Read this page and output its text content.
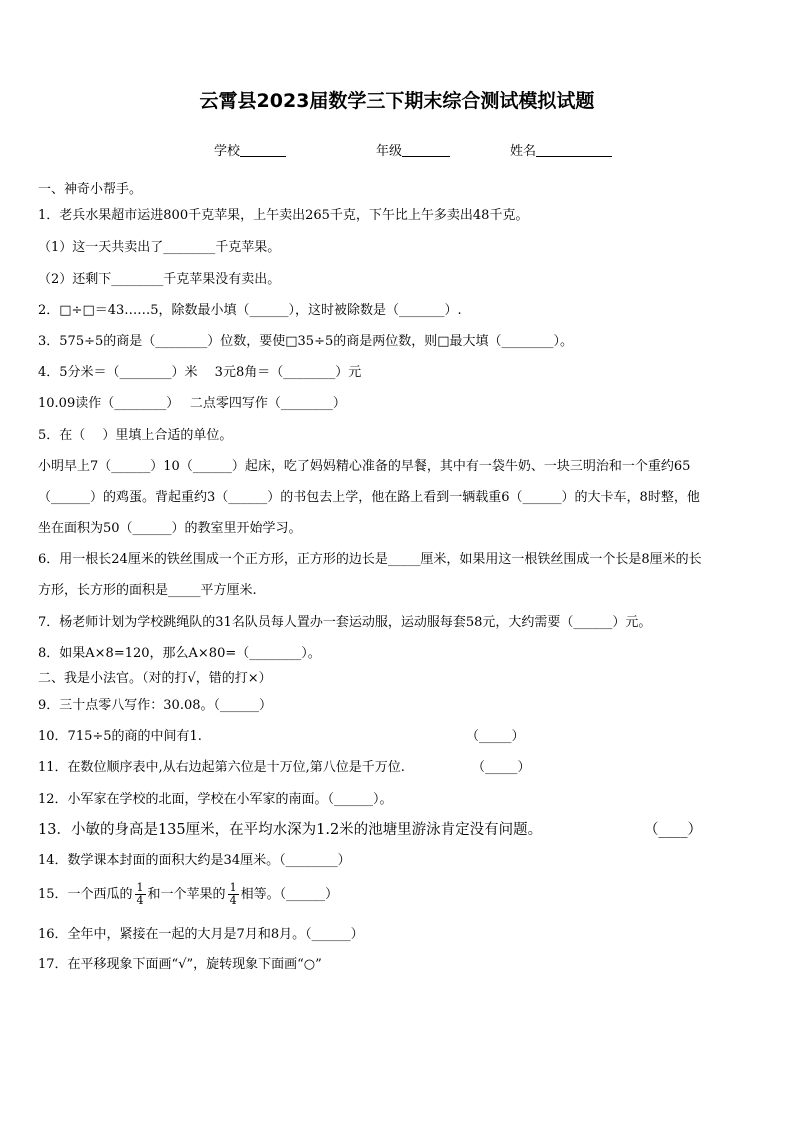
云霄县2023届数学三下期末综合测试模拟试题
学校	年级	姓名
一、神奇小帮手。
1．老兵水果超市运进800千克苹果，上午卖出265千克，下午比上午多卖出48千克。
（1）这一天共卖出了________千克苹果。
（2）还剩下________千克苹果没有卖出。
2．□÷□＝43……5，除数最小填（______），这时被除数是（_______）.
3．575÷5的商是（________）位数，要使□35÷5的商是两位数，则□最大填（________）。
4．5分米＝（________）米　 3元8角＝（________）元
10.09读作（________）　 二点零四写作（________）
5．在（　 ）里填上合适的单位。
小明早上7（______）10（______）起床，吃了妈妈精心准备的早餐，其中有一袋牛奶、一块三明治和一个重约65
（______）的鸡蛋。背起重约3（______）的书包去上学，他在路上看到一辆载重6（______）的大卡车，8时整，他
坐在面积为50（______）的教室里开始学习。
6．用一根长24厘米的铁丝围成一个正方形，正方形的边长是_____厘米，如果用这一根铁丝围成一个长是8厘米的长
方形，长方形的面积是_____平方厘米.
7．杨老师计划为学校跳绳队的31名队员每人置办一套运动服，运动服每套58元，大约需要（______）元。
8．如果A×8=120，那么A×80=（________）。
二、我是小法官。（对的打√，错的打×）
9．三十点零八写作：30.08。（______）
10．715÷5的商的中间有1.	（_____）
11．在数位顺序表中,从右边起第六位是十万位,第八位是千万位.	（_____）
12．小军家在学校的北面，学校在小军家的南面。（______）。
13．小敏的身高是135厘米，在平均水深为1.2米的池塘里游泳肯定没有问题。	（____）
14．数学课本封面的面积大约是34厘米。（________）
15．一个西瓜的 $\frac{1}{4}$ 和一个苹果的 $\frac{1}{4}$ 相等。（______）
16．全年中，紧接在一起的大月是7月和8月。（______）
17．在平移现象下面画“√”，旋转现象下面画“○”
